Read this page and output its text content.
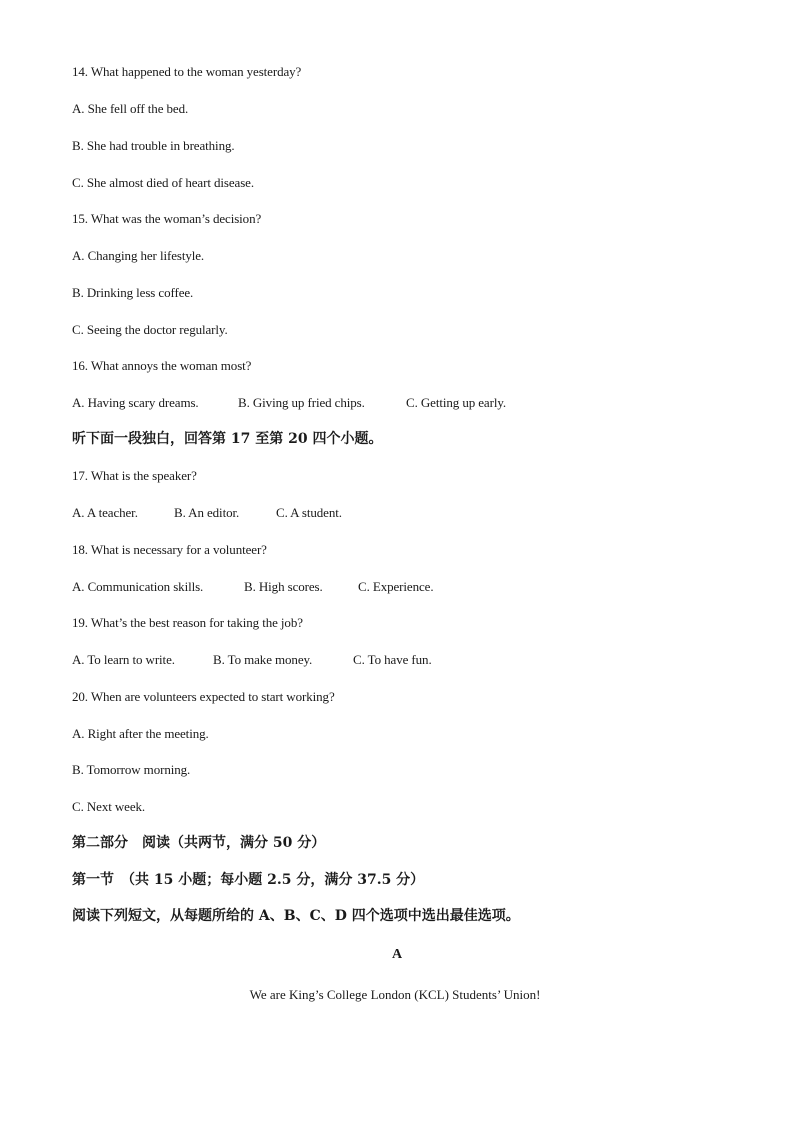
14. What happened to the woman yesterday?
A. She fell off the bed.
B. She had trouble in breathing.
C. She almost died of heart disease.
15. What was the woman’s decision?
A. Changing her lifestyle.
B. Drinking less coffee.
C. Seeing the doctor regularly.
16. What annoys the woman most?
A. Having scary dreams.	B. Giving up fried chips.	C. Getting up early.
听下面一段独白，回答第 17 至第 20 四个小题。
17. What is the speaker?
A. A teacher.	B. An editor.	C. A student.
18. What is necessary for a volunteer?
A. Communication skills.	B. High scores.	C. Experience.
19. What’s the best reason for taking the job?
A. To learn to write.	B. To make money.	C. To have fun.
20. When are volunteers expected to start working?
A. Right after the meeting.
B. Tomorrow morning.
C. Next week.
第二部分　阅读（共两节，满分 50 分）
第一节　（共 15 小题；每小题 2.5 分，满分 37.5 分）
阅读下列短文，从每题所给的 A、B、C、D 四个选项中选出最佳选项。
A
We are King’s College London (KCL) Students’ Union!
